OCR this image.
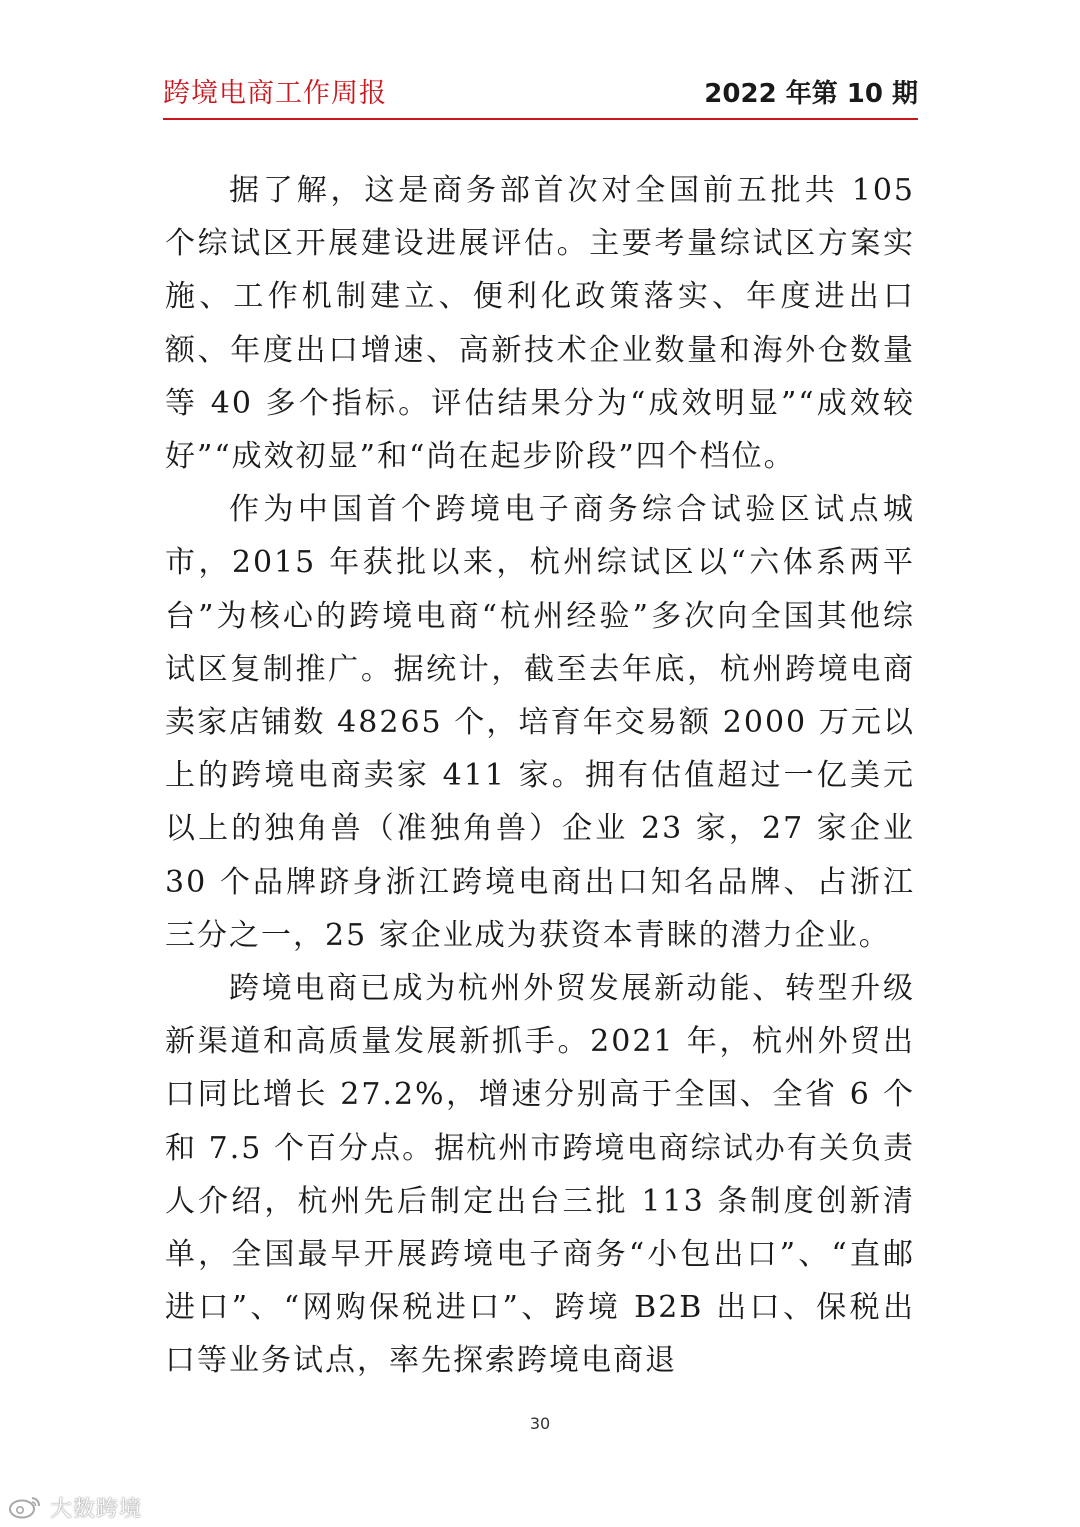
跨境电商工作周报	2022 年第 10 期

据了解，这是商务部首次对全国前五批共 105 个综试区开展建设进展评估。主要考量综试区方案实施、工作机制建立、便利化政策落实、年度进出口额、年度出口增速、高新技术企业数量和海外仓数量等 40 多个指标。评估结果分为“成效明显”“成效较好”“成效初显”和“尚在起步阶段”四个档位。

作为中国首个跨境电子商务综合试验区试点城市，2015 年获批以来，杭州综试区以“六体系两平台”为核心的跨境电商“杭州经验”多次向全国其他综试区复制推广。据统计，截至去年底，杭州跨境电商卖家店铺数 48265 个，培育年交易额 2000 万元以上的跨境电商卖家 411 家。拥有估值超过一亿美元以上的独角兽（准独角兽）企业 23 家，27 家企业 30 个品牌跻身浙江跨境电商出口知名品牌、占浙江三分之一，25 家企业成为获资本青睐的潜力企业。

跨境电商已成为杭州外贸发展新动能、转型升级新渠道和高质量发展新抓手。2021 年，杭州外贸出口同比增长 27.2%，增速分别高于全国、全省 6 个和 7.5 个百分点。据杭州市跨境电商综试办有关负责人介绍，杭州先后制定出台三批 113 条制度创新清单，全国最早开展跨境电子商务“小包出口”、“直邮进口”、“网购保税进口”、跨境 B2B 出口、保税出口等业务试点，率先探索跨境电商退

30
大数跨境
